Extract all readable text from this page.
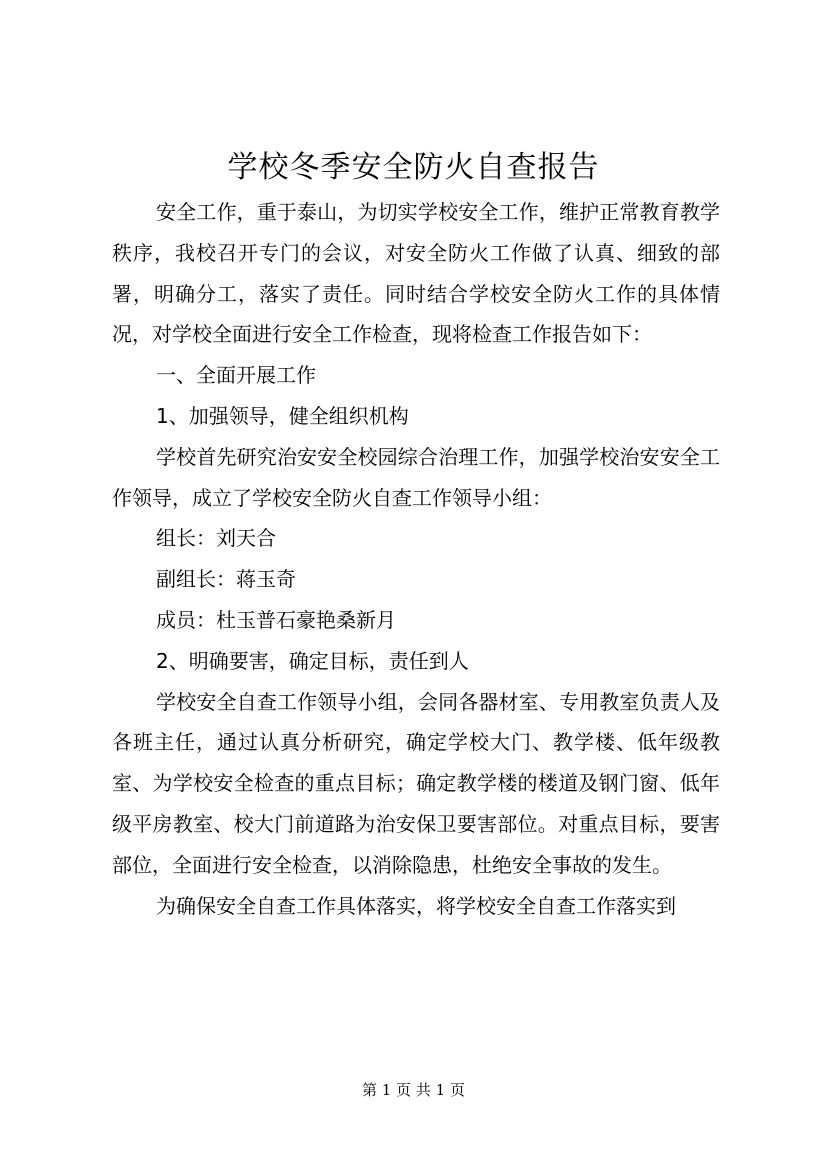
学校冬季安全防火自查报告

安全工作，重于泰山，为切实学校安全工作，维护正常教育教学秩序，我校召开专门的会议，对安全防火工作做了认真、细致的部署，明确分工，落实了责任。同时结合学校安全防火工作的具体情况，对学校全面进行安全工作检查，现将检查工作报告如下：

一、全面开展工作

1、加强领导，健全组织机构

学校首先研究治安安全校园综合治理工作，加强学校治安安全工作领导，成立了学校安全防火自查工作领导小组：

组长：刘天合

副组长：蒋玉奇

成员：杜玉普石豪艳桑新月

2、明确要害，确定目标，责任到人

学校安全自查工作领导小组，会同各器材室、专用教室负责人及各班主任，通过认真分析研究，确定学校大门、教学楼、低年级教室、为学校安全检查的重点目标；确定教学楼的楼道及钢门窗、低年级平房教室、校大门前道路为治安保卫要害部位。对重点目标，要害部位，全面进行安全检查，以消除隐患，杜绝安全事故的发生。

为确保安全自查工作具体落实，将学校安全自查工作落实到

第 1 页 共 1 页
